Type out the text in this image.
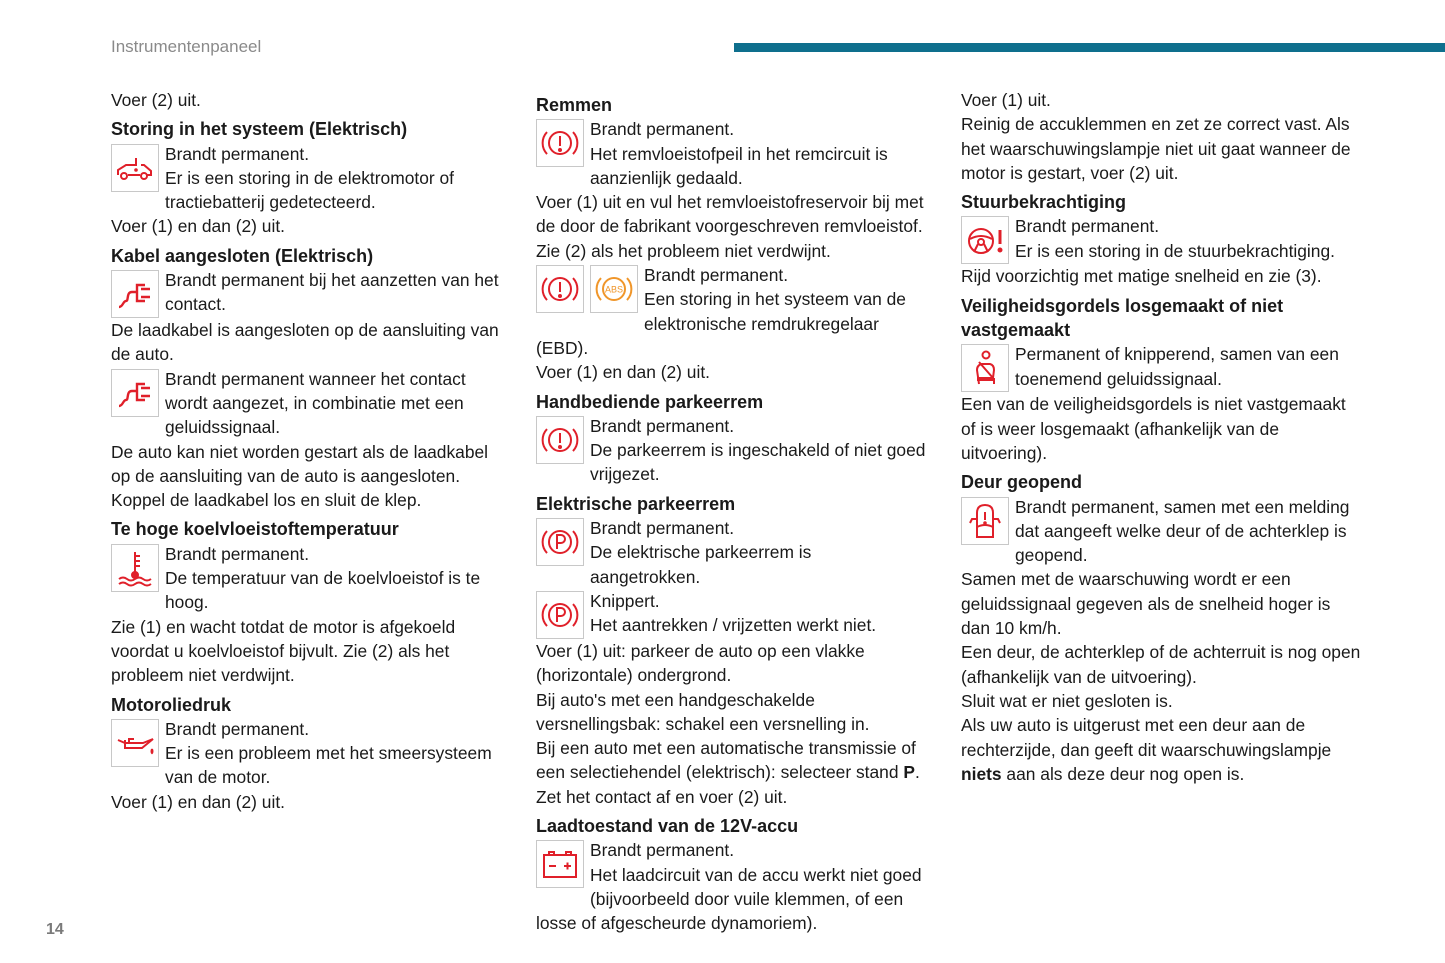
Instrumentenpaneel
14
Voer (2) uit.
Storing in het systeem (Elektrisch)
Brandt permanent.
Er is een storing in de elektromotor of tractiebatterij gedetecteerd.
Voer (1) en dan (2) uit.
Kabel aangesloten (Elektrisch)
Brandt permanent bij het aanzetten van het contact.
De laadkabel is aangesloten op de aansluiting van de auto.
Brandt permanent wanneer het contact wordt aangezet, in combinatie met een geluidssignaal.
De auto kan niet worden gestart als de laadkabel op de aansluiting van de auto is aangesloten.
Koppel de laadkabel los en sluit de klep.
Te hoge koelvloeistoftemperatuur
Brandt permanent.
De temperatuur van de koelvloeistof is te hoog.
Zie (1) en wacht totdat de motor is afgekoeld voordat u koelvloeistof bijvult. Zie (2) als het probleem niet verdwijnt.
Motoroliedruk
Brandt permanent.
Er is een probleem met het smeersysteem van de motor.
Voer (1) en dan (2) uit.
Remmen
Brandt permanent.
Het remvloeistofpeil in het remcircuit is aanzienlijk gedaald.
Voer (1) uit en vul het remvloeistofreservoir bij met de door de fabrikant voorgeschreven remvloeistof.
Zie (2) als het probleem niet verdwijnt.
ABS
Brandt permanent.
Een storing in het systeem van de elektronische remdrukregelaar (EBD).
Voer (1) en dan (2) uit.
Handbediende parkeerrem
Brandt permanent.
De parkeerrem is ingeschakeld of niet goed vrijgezet.
Elektrische parkeerrem
Brandt permanent.
De elektrische parkeerrem is aangetrokken.
Knippert.
Het aantrekken / vrijzetten werkt niet.
Voer (1) uit: parkeer de auto op een vlakke (horizontale) ondergrond.
Bij auto's met een handgeschakelde versnellingsbak: schakel een versnelling in.
Bij een auto met een automatische transmissie of een selectiehendel (elektrisch): selecteer stand P.
Zet het contact af en voer (2) uit.
Laadtoestand van de 12V-accu
Brandt permanent.
Het laadcircuit van de accu werkt niet goed (bijvoorbeeld door vuile klemmen, of een losse of afgescheurde dynamoriem).
Voer (1) uit.
Reinig de accuklemmen en zet ze correct vast. Als het waarschuwingslampje niet uit gaat wanneer de motor is gestart, voer (2) uit.
Stuurbekrachtiging
Brandt permanent.
Er is een storing in de stuurbekrachtiging.
Rijd voorzichtig met matige snelheid en zie (3).
Veiligheidsgordels losgemaakt of niet vastgemaakt
Permanent of knipperend, samen van een toenemend geluidssignaal.
Een van de veiligheidsgordels is niet vastgemaakt of is weer losgemaakt (afhankelijk van de uitvoering).
Deur geopend
Brandt permanent, samen met een melding dat aangeeft welke deur of de achterklep is geopend.
Samen met de waarschuwing wordt er een geluidssignaal gegeven als de snelheid hoger is dan 10 km/h.
Een deur, de achterklep of de achterruit is nog open (afhankelijk van de uitvoering).
Sluit wat er niet gesloten is.
Als uw auto is uitgerust met een deur aan de rechterzijde, dan geeft dit waarschuwingslampje niets aan als deze deur nog open is.
